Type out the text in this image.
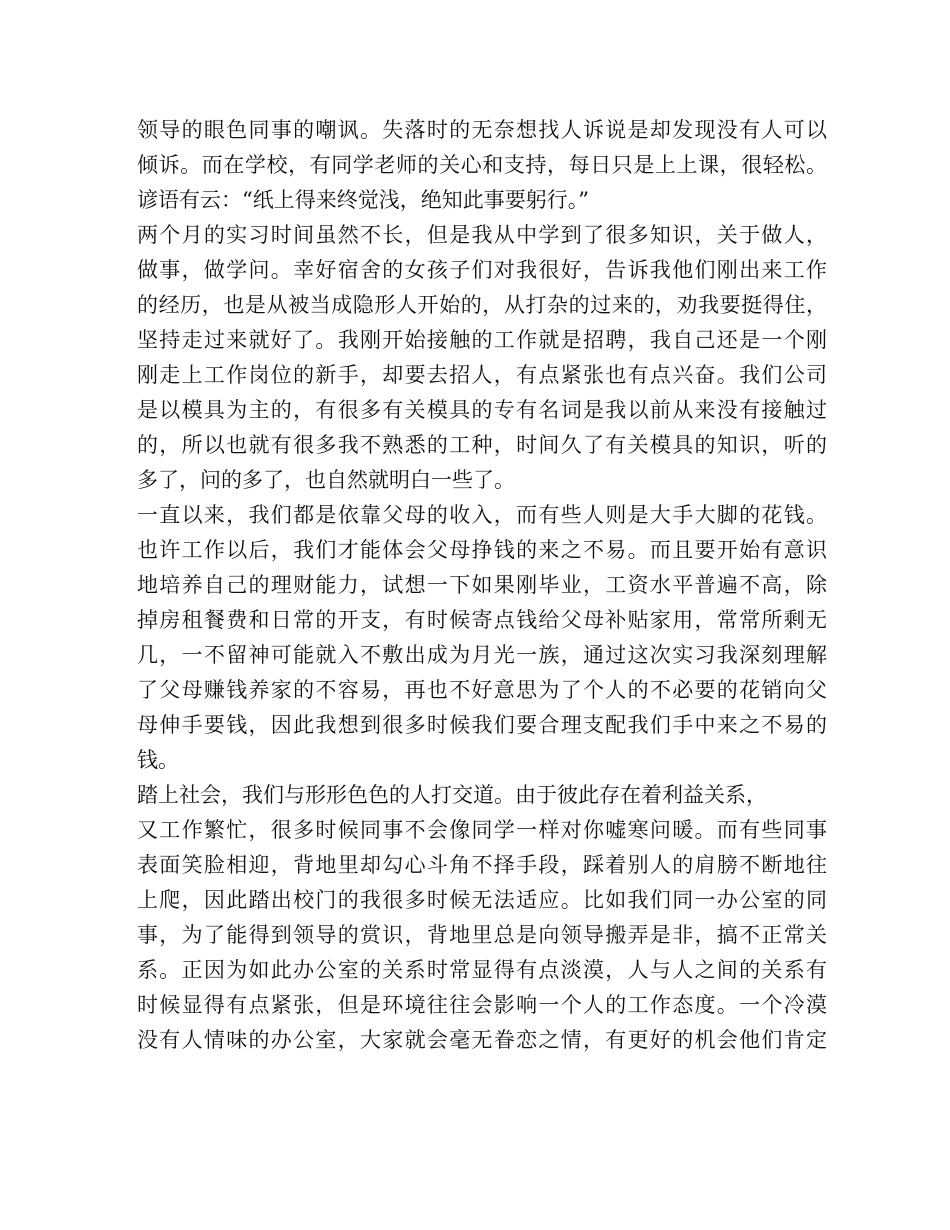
领导的眼色同事的嘲讽。失落时的无奈想找人诉说是却发现没有人可以
倾诉。而在学校，有同学老师的关心和支持，每日只是上上课，很轻松。
谚语有云：“纸上得来终觉浅，绝知此事要躬行。”
两个月的实习时间虽然不长，但是我从中学到了很多知识，关于做人，
做事，做学问。幸好宿舍的女孩子们对我很好，告诉我他们刚出来工作
的经历，也是从被当成隐形人开始的，从打杂的过来的，劝我要挺得住，
坚持走过来就好了。我刚开始接触的工作就是招聘，我自己还是一个刚
刚走上工作岗位的新手，却要去招人，有点紧张也有点兴奋。我们公司
是以模具为主的，有很多有关模具的专有名词是我以前从来没有接触过
的，所以也就有很多我不熟悉的工种，时间久了有关模具的知识，听的
多了，问的多了，也自然就明白一些了。
一直以来，我们都是依靠父母的收入，而有些人则是大手大脚的花钱。
也许工作以后，我们才能体会父母挣钱的来之不易。而且要开始有意识
地培养自己的理财能力，试想一下如果刚毕业，工资水平普遍不高，除
掉房租餐费和日常的开支，有时候寄点钱给父母补贴家用，常常所剩无
几，一不留神可能就入不敷出成为月光一族，通过这次实习我深刻理解
了父母赚钱养家的不容易，再也不好意思为了个人的不必要的花销向父
母伸手要钱，因此我想到很多时候我们要合理支配我们手中来之不易的
钱。
踏上社会，我们与形形色色的人打交道。由于彼此存在着利益关系，
又工作繁忙，很多时候同事不会像同学一样对你嘘寒问暖。而有些同事
表面笑脸相迎，背地里却勾心斗角不择手段，踩着别人的肩膀不断地往
上爬，因此踏出校门的我很多时候无法适应。比如我们同一办公室的同
事，为了能得到领导的赏识，背地里总是向领导搬弄是非，搞不正常关
系。正因为如此办公室的关系时常显得有点淡漠，人与人之间的关系有
时候显得有点紧张，但是环境往往会影响一个人的工作态度。一个冷漠
没有人情味的办公室，大家就会毫无眷恋之情，有更好的机会他们肯定
